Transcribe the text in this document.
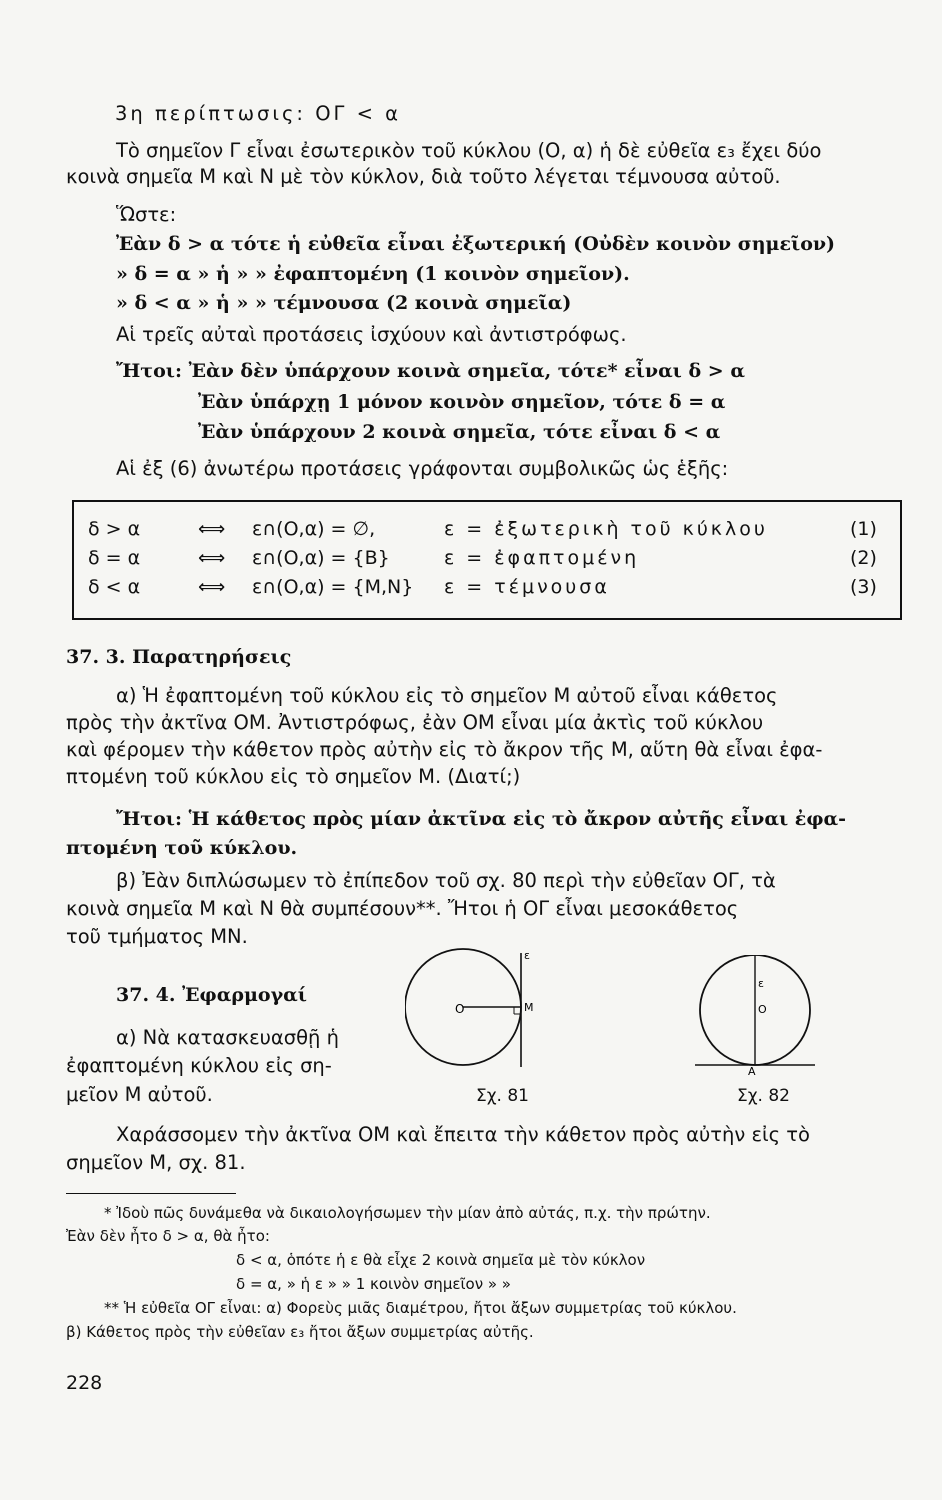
3η περίπτωσις: ΟΓ < α
Τὸ σημεῖον Γ εἶναι ἐσωτερικὸν τοῦ κύκλου (Ο, α) ἡ δὲ εὐθεῖα ε₃ ἔχει δύο
κοινὰ σημεῖα Μ καὶ Ν μὲ τὸν κύκλον, διὰ τοῦτο λέγεται τέμνουσα αὐτοῦ.
Ὥστε:
Ἐὰν δ > α τότε ἡ εὐθεῖα εἶναι ἐξωτερική (Οὐδὲν κοινὸν σημεῖον)
» δ = α » ἡ » » ἐφαπτομένη (1 κοινὸν σημεῖον).
» δ < α » ἡ » » τέμνουσα (2 κοινὰ σημεῖα)
Αἱ τρεῖς αὐταὶ προτάσεις ἰσχύουν καὶ ἀντιστρόφως.
Ἤτοι: Ἐὰν δὲν ὑπάρχουν κοινὰ σημεῖα, τότε* εἶναι δ > α
Ἐὰν ὑπάρχῃ 1 μόνον κοινὸν σημεῖον, τότε δ = α
Ἐὰν ὑπάρχουν 2 κοινὰ σημεῖα, τότε εἶναι δ < α
Αἱ ἐξ (6) ἀνωτέρω προτάσεις γράφονται συμβολικῶς ὡς ἑξῆς:
δ > α	⟺ ε∩(Ο,α) = ∅,	ε = ἐξωτερικὴ τοῦ κύκλου	(1)
δ = α	⟺ ε∩(Ο,α) = {Β}	ε = ἐφαπτομένη	(2)
δ < α	⟺ ε∩(Ο,α) = {Μ,Ν} ε = τέμνουσα	(3)
37. 3. Παρατηρήσεις
α) Ἡ ἐφαπτομένη τοῦ κύκλου εἰς τὸ σημεῖον Μ αὐτοῦ εἶναι κάθετος
πρὸς τὴν ἀκτῖνα ΟΜ. Ἀντιστρόφως, ἐὰν ΟΜ εἶναι μία ἀκτὶς τοῦ κύκλου
καὶ φέρομεν τὴν κάθετον πρὸς αὐτὴν εἰς τὸ ἄκρον τῆς Μ, αὕτη θὰ εἶναι ἐφα-
πτομένη τοῦ κύκλου εἰς τὸ σημεῖον Μ. (Διατί;)
Ἤτοι: Ἡ κάθετος πρὸς μίαν ἀκτῖνα εἰς τὸ ἄκρον αὐτῆς εἶναι ἐφα-
πτομένη τοῦ κύκλου.
β) Ἐὰν διπλώσωμεν τὸ ἐπίπεδον τοῦ σχ. 80 περὶ τὴν εὐθεῖαν ΟΓ, τὰ
κοινὰ σημεῖα Μ καὶ Ν θὰ συμπέσουν**. Ἤτοι ἡ ΟΓ εἶναι μεσοκάθετος
τοῦ τμήματος ΜΝ.
37. 4. Ἐφαρμογαί
α) Νὰ κατασκευασθῇ ἡ
ἐφαπτομένη κύκλου εἰς ση-
μεῖον Μ αὐτοῦ.
Χαράσσομεν τὴν ἀκτῖνα ΟΜ καὶ ἔπειτα τὴν κάθετον πρὸς αὐτὴν εἰς τὸ
σημεῖον Μ, σχ. 81.
Ο	Μ
ε
Σχ. 81
ε
Ο
Α
Σχ. 82
* Ἰδοὺ πῶς δυνάμεθα νὰ δικαιολογήσωμεν τὴν μίαν ἀπὸ αὐτάς, π.χ. τὴν πρώτην.
Ἐὰν δὲν ἦτο δ > α, θὰ ἦτο:
δ < α, ὁπότε ἡ ε θὰ εἶχε 2 κοινὰ σημεῖα μὲ τὸν κύκλον
δ = α, » ἡ ε » » 1 κοινὸν σημεῖον » »
** Ἡ εὐθεῖα ΟΓ εἶναι: α) Φορεὺς μιᾶς διαμέτρου, ἤτοι ἄξων συμμετρίας τοῦ κύκλου.
β) Κάθετος πρὸς τὴν εὐθεῖαν ε₃ ἤτοι ἄξων συμμετρίας αὐτῆς.
228
